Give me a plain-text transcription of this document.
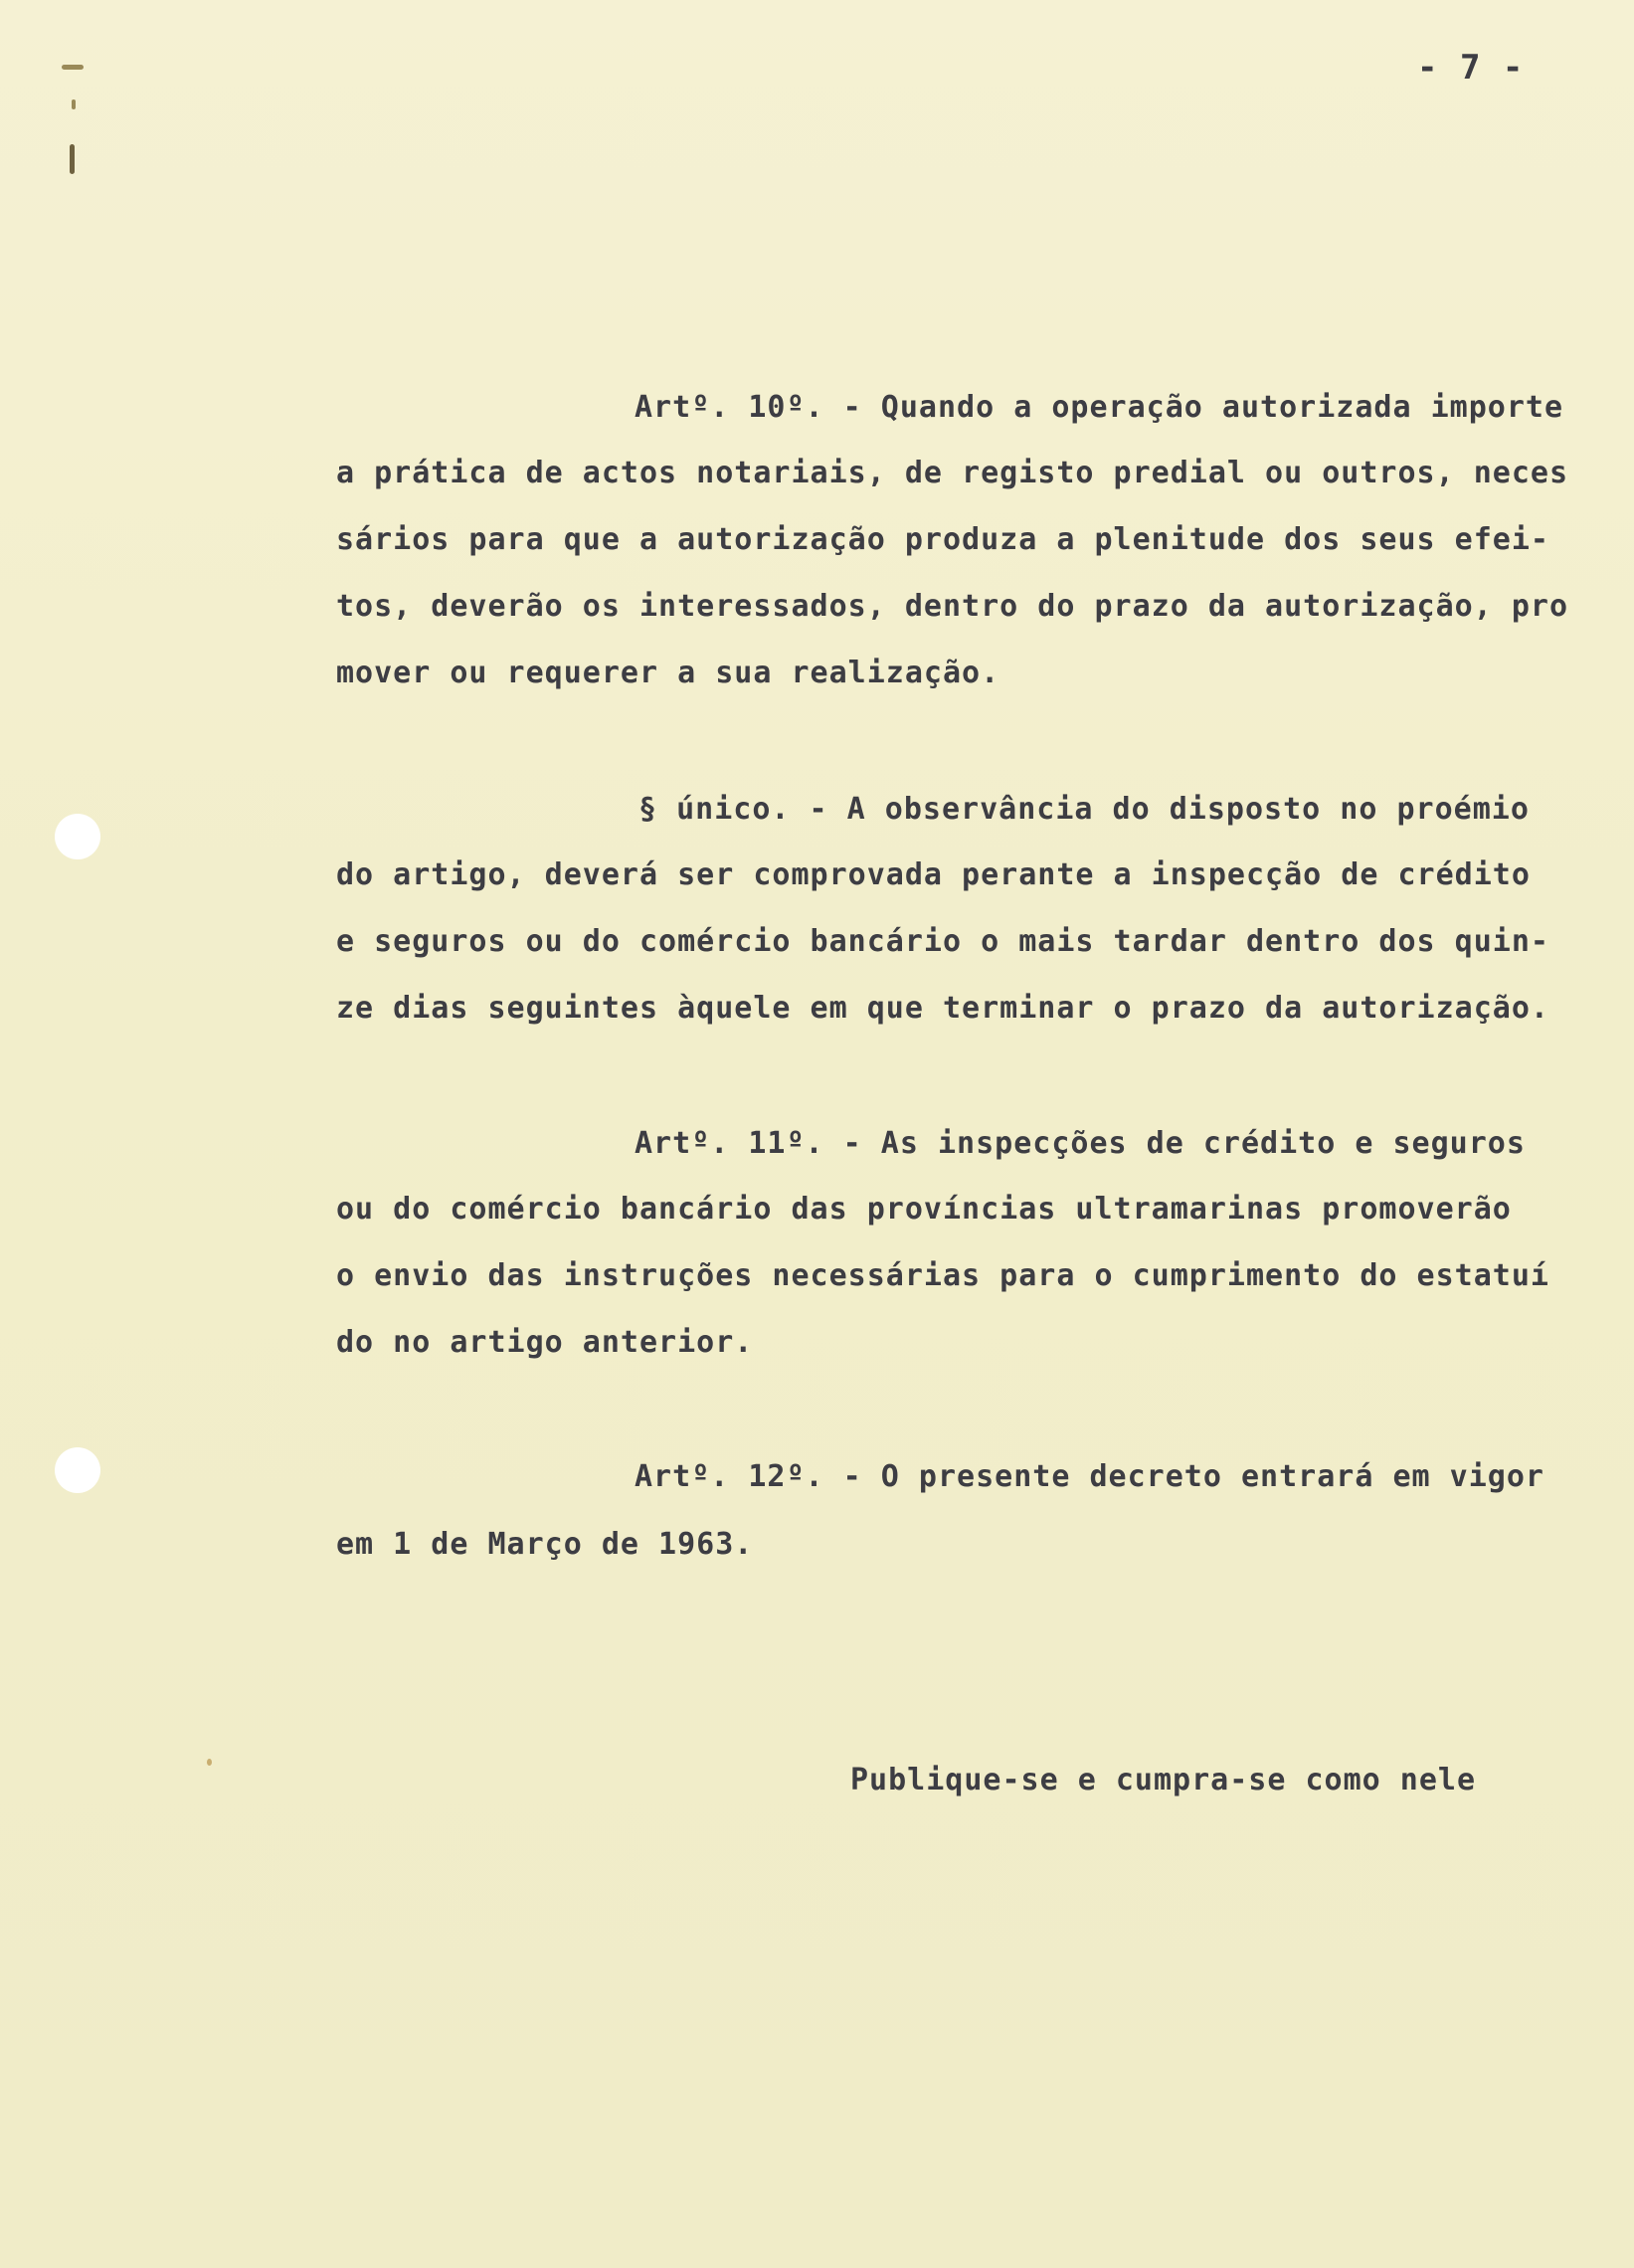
- 7 -
Artº. 10º. - Quando a operação autorizada importe
a prática de actos notariais, de registo predial ou outros, neces
sários para que a autorização produza a plenitude dos seus efei-
tos, deverão os interessados, dentro do prazo da autorização, pro
mover ou requerer a sua realização.
§ único. - A observância do disposto no proémio
do artigo, deverá ser comprovada perante a inspecção de crédito
e seguros ou do comércio bancário o mais tardar dentro dos quin-
ze dias seguintes àquele em que terminar o prazo da autorização.
Artº. 11º. - As inspecções de crédito e seguros
ou do comércio bancário das províncias ultramarinas promoverão
o envio das instruções necessárias para o cumprimento do estatuí
do no artigo anterior.
Artº. 12º. - O presente decreto entrará em vigor
em 1 de Março de 1963.
Publique-se e cumpra-se como nele
